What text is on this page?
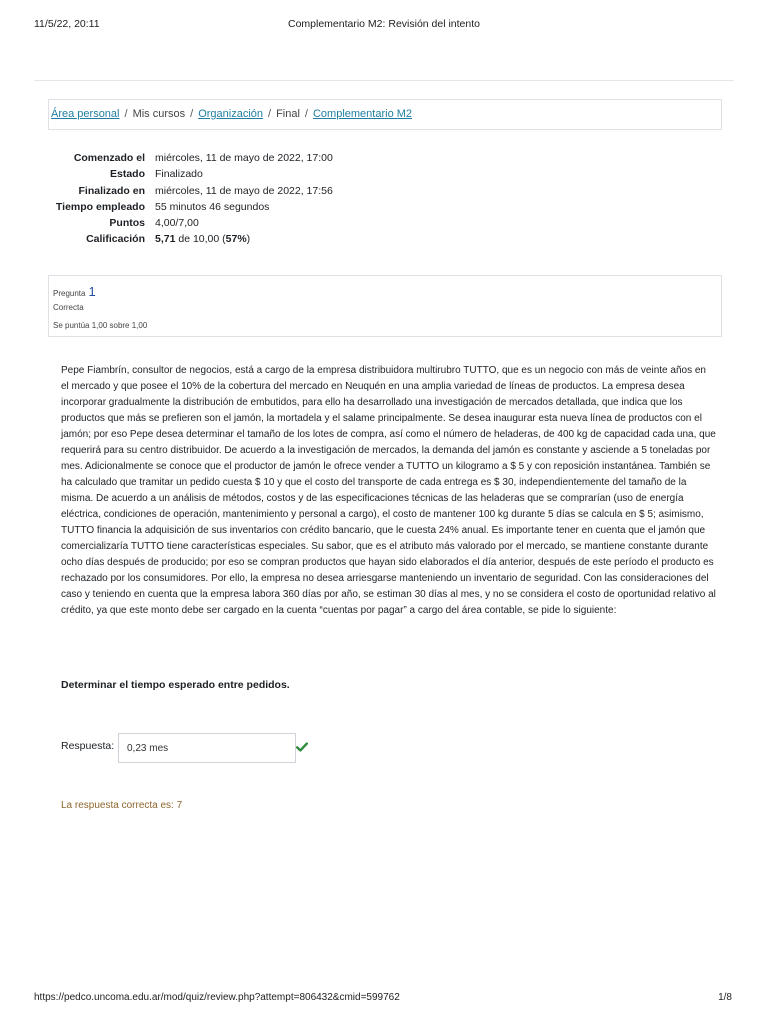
11/5/22, 20:11	Complementario M2: Revisión del intento
Área personal / Mis cursos / Organización / Final / Complementario M2
Comenzado el	miércoles, 11 de mayo de 2022, 17:00
Estado	Finalizado
Finalizado en	miércoles, 11 de mayo de 2022, 17:56
Tiempo empleado	55 minutos 46 segundos
Puntos	4,00/7,00
Calificación	5,71 de 10,00 (57%)
Pregunta 1
Correcta
Se puntúa 1,00 sobre 1,00
Pepe Fiambrín, consultor de negocios, está a cargo de la empresa distribuidora multirubro TUTTO, que es un negocio con más de veinte años en el mercado y que posee el 10% de la cobertura del mercado en Neuquén en una amplia variedad de líneas de productos. La empresa desea incorporar gradualmente la distribución de embutidos, para ello ha desarrollado una investigación de mercados detallada, que indica que los productos que más se prefieren son el jamón, la mortadela y el salame principalmente. Se desea inaugurar esta nueva línea de productos con el jamón; por eso Pepe desea determinar el tamaño de los lotes de compra, así como el número de heladeras, de 400 kg de capacidad cada una, que requerirá para su centro distribuidor. De acuerdo a la investigación de mercados, la demanda del jamón es constante y asciende a 5 toneladas por mes. Adicionalmente se conoce que el productor de jamón le ofrece vender a TUTTO un kilogramo a $ 5 y con reposición instantánea. También se ha calculado que tramitar un pedido cuesta $ 10 y que el costo del transporte de cada entrega es $ 30, independientemente del tamaño de la misma. De acuerdo a un análisis de métodos, costos y de las especificaciones técnicas de las heladeras que se comprarían (uso de energía eléctrica, condiciones de operación, mantenimiento y personal a cargo), el costo de mantener 100 kg durante 5 días se calcula en $ 5; asimismo, TUTTO financia la adquisición de sus inventarios con crédito bancario, que le cuesta 24% anual. Es importante tener en cuenta que el jamón que comercializaría TUTTO tiene características especiales. Su sabor, que es el atributo más valorado por el mercado, se mantiene constante durante ocho días después de producido; por eso se compran productos que hayan sido elaborados el día anterior, después de este período el producto es rechazado por los consumidores. Por ello, la empresa no desea arriesgarse manteniendo un inventario de seguridad. Con las consideraciones del caso y teniendo en cuenta que la empresa labora 360 días por año, se estiman 30 días al mes, y no se considera el costo de oportunidad relativo al crédito, ya que este monto debe ser cargado en la cuenta “cuentas por pagar” a cargo del área contable, se pide lo siguiente:
Determinar el tiempo esperado entre pedidos.
Respuesta:
0,23 mes
La respuesta correcta es: 7
https://pedco.uncoma.edu.ar/mod/quiz/review.php?attempt=806432&cmid=599762	1/8
